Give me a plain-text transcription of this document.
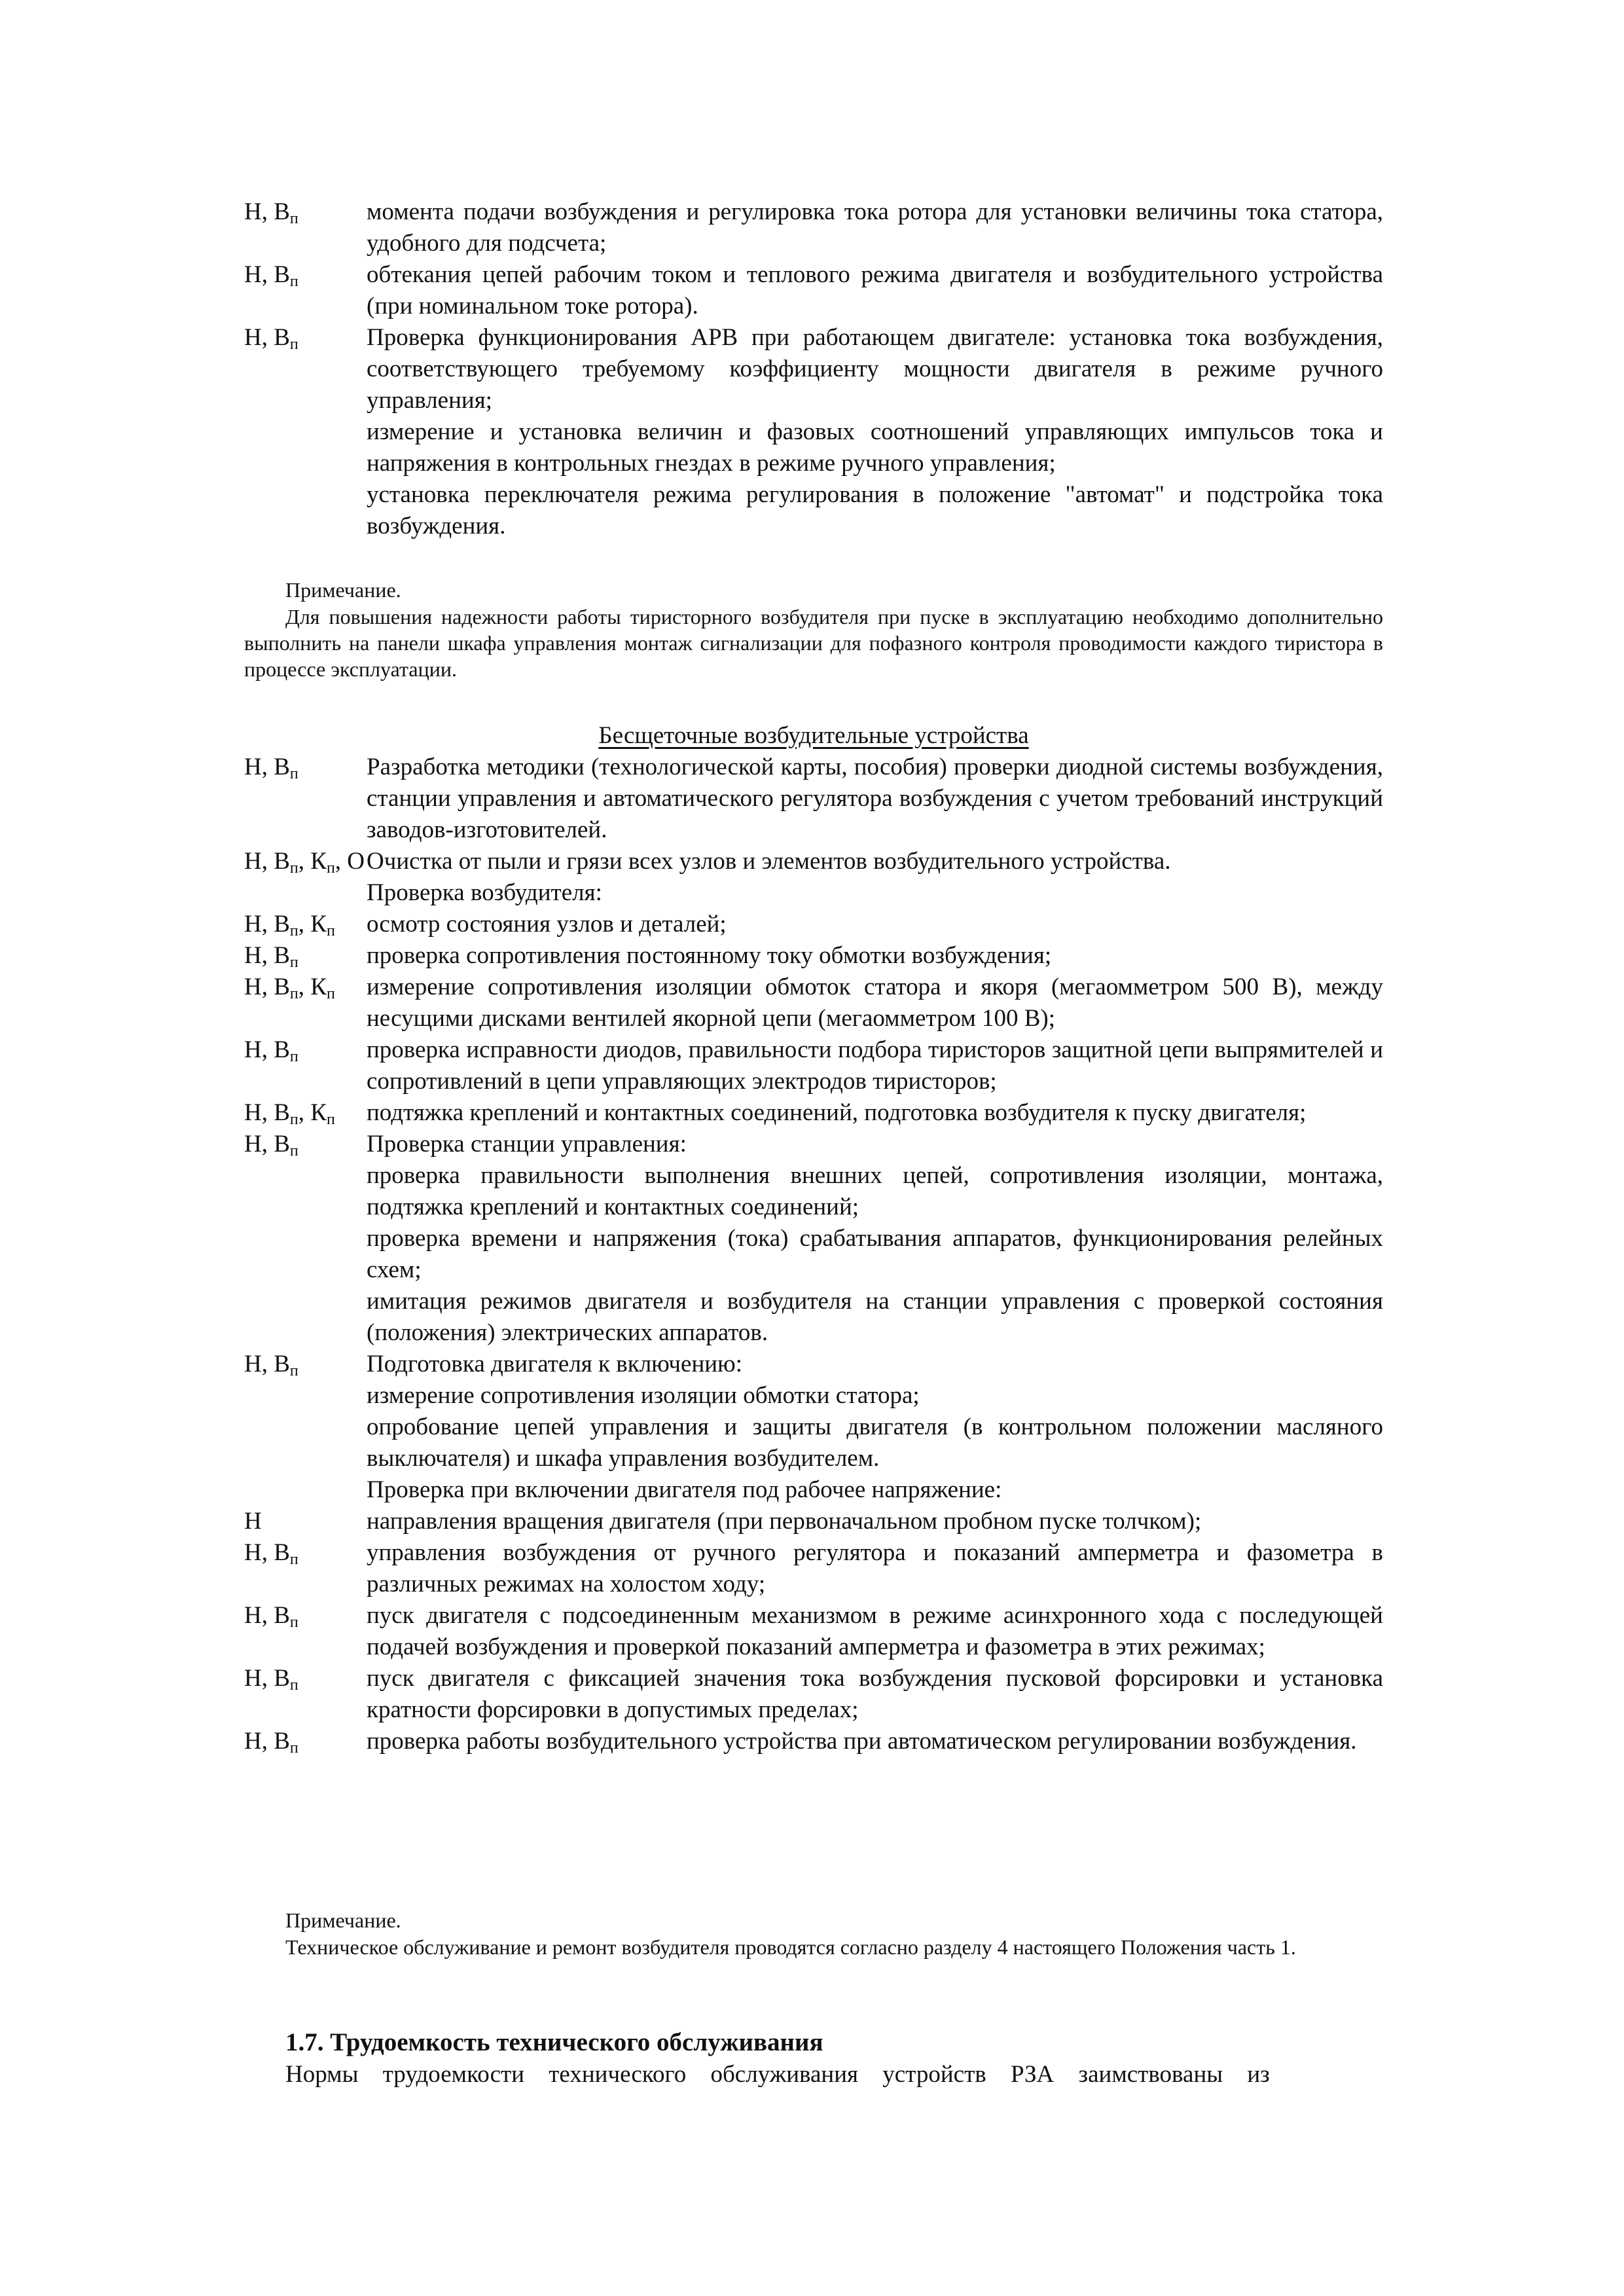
Н, $В_п$	момента подачи возбуждения и регулировка тока ротора для установки величины тока статора, удобного для подсчета;
Н, $В_п$	обтекания цепей рабочим током и теплового режима двигателя и возбудительного устройства (при номинальном токе ротора).
Н, $В_п$	Проверка функционирования АРВ при работающем двигателе: установка тока возбуждения, соответствующего требуемому коэффициенту мощности двигателя в режиме ручного управления;
измерение и установка величин и фазовых соотношений управляющих импульсов тока и напряжения в контрольных гнездах в режиме ручного управления;
установка переключателя режима регулирования в положение "автомат" и подстройка тока возбуждения.
Примечание.
Для повышения надежности работы тиристорного возбудителя при пуске в эксплуатацию необходимо дополнительно выполнить на панели шкафа управления монтаж сигнализации для пофазного контроля проводимости каждого тиристора в процессе эксплуатации.
Бесщеточные возбудительные устройства
Н, $В_п$	Разработка методики (технологической карты, пособия) проверки диодной системы возбуждения, станции управления и автоматического регулятора возбуждения с учетом требований инструкций заводов-изготовителей.
Н, $В_п$, $К_п$, О Очистка от пыли и грязи всех узлов и элементов возбудительного устройства.
Проверка возбудителя:
Н, $В_п$, $К_п$	осмотр состояния узлов и деталей;
Н, $В_п$	проверка сопротивления постоянному току обмотки возбуждения;
Н, $В_п$, $К_п$	измерение сопротивления изоляции обмоток статора и якоря (мегаомметром 500 В), между несущими дисками вентилей якорной цепи (мегаомметром 100 В);
Н, $В_п$	проверка исправности диодов, правильности подбора тиристоров защитной цепи выпрямителей и сопротивлений в цепи управляющих электродов тиристоров;
Н, $В_п$, $К_п$	подтяжка креплений и контактных соединений, подготовка возбудителя к пуску двигателя;
Н, $В_п$	Проверка станции управления:
проверка правильности выполнения внешних цепей, сопротивления изоляции, монтажа, подтяжка креплений и контактных соединений;
проверка времени и напряжения (тока) срабатывания аппаратов, функционирования релейных схем;
имитация режимов двигателя и возбудителя на станции управления с проверкой состояния (положения) электрических аппаратов.
Н, $В_п$	Подготовка двигателя к включению:
измерение сопротивления изоляции обмотки статора;
опробование цепей управления и защиты двигателя (в контрольном положении масляного выключателя) и шкафа управления возбудителем.
Проверка при включении двигателя под рабочее напряжение:
Н	направления вращения двигателя (при первоначальном пробном пуске толчком);
Н, $В_п$	управления возбуждения от ручного регулятора и показаний амперметра и фазометра в различных режимах на холостом ходу;
Н, $В_п$	пуск двигателя с подсоединенным механизмом в режиме асинхронного хода с последующей подачей возбуждения и проверкой показаний амперметра и фазометра в этих режимах;
Н, $В_п$	пуск двигателя с фиксацией значения тока возбуждения пусковой форсировки и установка кратности форсировки в допустимых пределах;
Н, $В_п$	проверка работы возбудительного устройства при автоматическом регулировании возбуждения.
Примечание.
Техническое обслуживание и ремонт возбудителя проводятся согласно разделу 4 настоящего Положения часть 1.
1.7. Трудоемкость технического обслуживания
Нормы трудоемкости технического обслуживания устройств РЗА заимствованы из
